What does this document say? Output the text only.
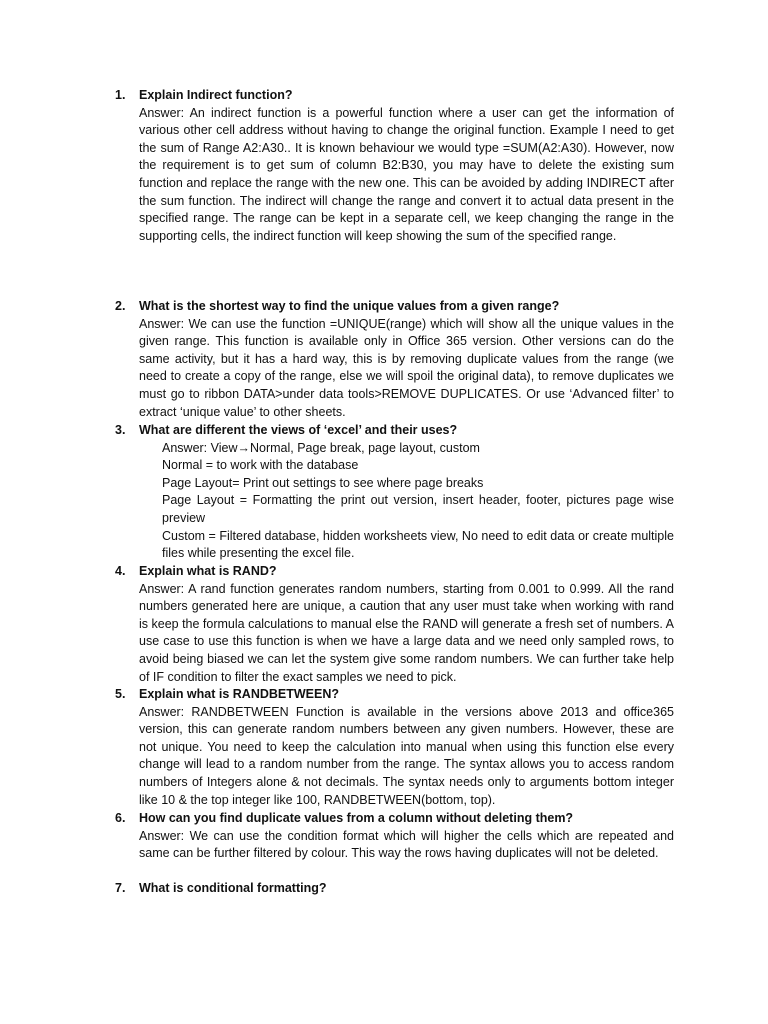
1. Explain Indirect function?
Answer: An indirect function is a powerful function where a user can get the information of various other cell address without having to change the original function. Example I need to get the sum of Range A2:A30.. It is known behaviour we would type =SUM(A2:A30). However, now the requirement is to get sum of column B2:B30, you may have to delete the existing sum function and replace the range with the new one. This can be avoided by adding INDIRECT after the sum function. The indirect will change the range and convert it to actual data present in the specified range. The range can be kept in a separate cell, we keep changing the range in the supporting cells, the indirect function will keep showing the sum of the specified range.
2. What is the shortest way to find the unique values from a given range?
Answer: We can use the function =UNIQUE(range) which will show all the unique values in the given range. This function is available only in Office 365 version. Other versions can do the same activity, but it has a hard way, this is by removing duplicate values from the range (we need to create a copy of the range, else we will spoil the original data), to remove duplicates we must go to ribbon DATA>under data tools>REMOVE DUPLICATES. Or use ‘Advanced filter’ to extract ‘unique value’ to other sheets.
3. What are different the views of ‘excel’ and their uses?
Answer: View→Normal, Page break, page layout, custom
Normal = to work with the database
Page Layout= Print out settings to see where page breaks
Page Layout = Formatting the print out version, insert header, footer, pictures page wise preview
Custom = Filtered database, hidden worksheets view, No need to edit data or create multiple files while presenting the excel file.
4. Explain what is RAND?
Answer: A rand function generates random numbers, starting from 0.001 to 0.999. All the rand numbers generated here are unique, a caution that any user must take when working with rand is keep the formula calculations to manual else the RAND will generate a fresh set of numbers. A use case to use this function is when we have a large data and we need only sampled rows, to avoid being biased we can let the system give some random numbers. We can further take help of IF condition to filter the exact samples we need to pick.
5. Explain what is RANDBETWEEN?
Answer: RANDBETWEEN Function is available in the versions above 2013 and office365 version, this can generate random numbers between any given numbers. However, these are not unique. You need to keep the calculation into manual when using this function else every change will lead to a random number from the range. The syntax allows you to access random numbers of Integers alone & not decimals. The syntax needs only to arguments bottom integer like 10 & the top integer like 100, RANDBETWEEN(bottom, top).
6. How can you find duplicate values from a column without deleting them?
Answer: We can use the condition format which will higher the cells which are repeated and same can be further filtered by colour. This way the rows having duplicates will not be deleted.
7. What is conditional formatting?
